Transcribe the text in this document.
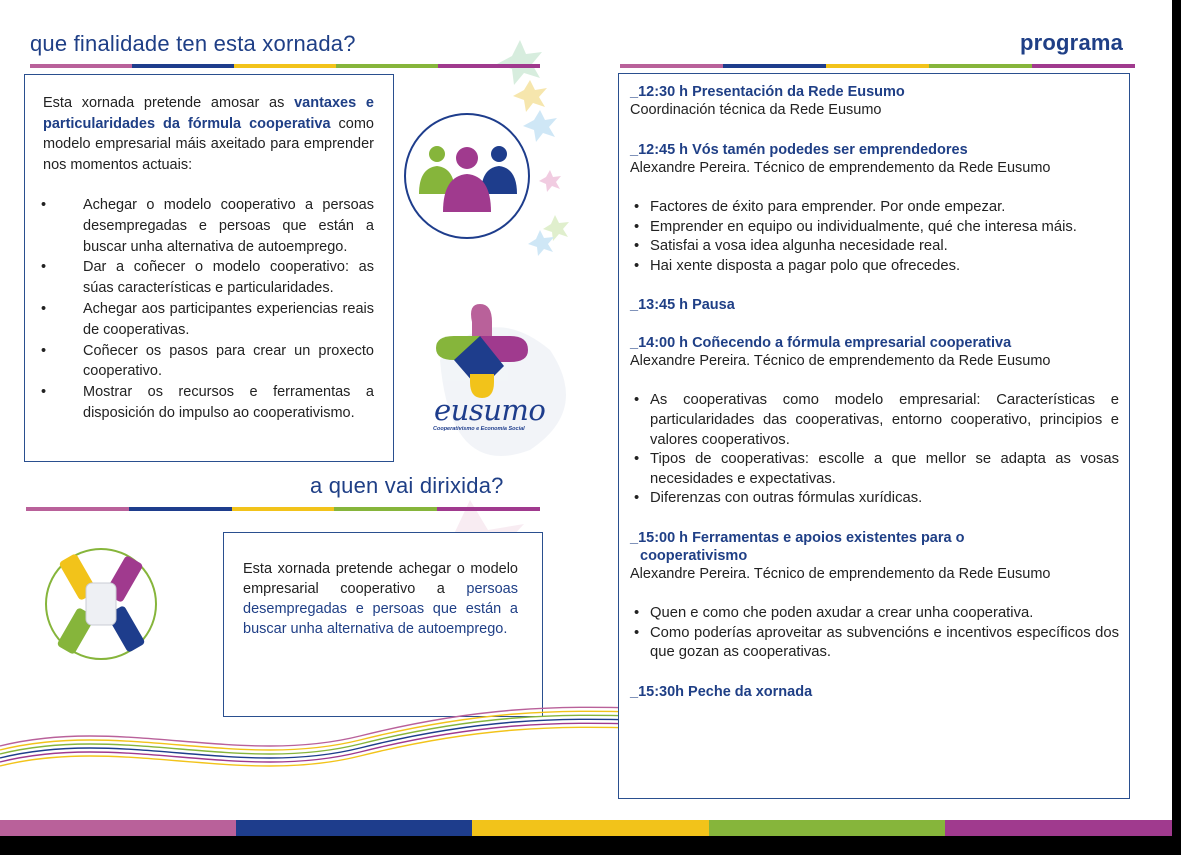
que finalidade ten esta xornada?
Esta xornada pretende amosar as vantaxes e particularidades da fórmula cooperativa como modelo empresarial máis axeitado para emprender nos momentos actuais:
• Achegar o modelo cooperativo a persoas desempregadas e persoas que están a buscar unha alternativa de autoemprego.
• Dar a coñecer o modelo cooperativo: as súas características e particularidades.
• Achegar aos participantes experiencias reais de cooperativas.
• Coñecer os pasos para crear un proxecto cooperativo.
• Mostrar os recursos e ferramentas a disposición do impulso ao cooperativismo.	eusumo
Cooperativismo e Economía Social
a quen vai dirixida?
Esta xornada pretende achegar o modelo empresarial cooperativo a persoas desempregadas e persoas que están a buscar unha alternativa de autoemprego.
programa
_12:30 h Presentación da Rede Eusumo
Coordinación técnica da Rede Eusumo
_12:45 h Vós tamén podedes ser emprendedores
Alexandre Pereira. Técnico de emprendemento da Rede Eusumo
• Factores de éxito para emprender. Por onde empezar.
• Emprender en equipo ou individualmente, qué che interesa máis.
• Satisfai a vosa idea algunha necesidade real.
• Hai xente disposta a pagar polo que ofrecedes.
_13:45 h Pausa
_14:00 h Coñecendo a fórmula empresarial cooperativa
Alexandre Pereira. Técnico de emprendemento da Rede Eusumo
• As cooperativas como modelo empresarial: Características e particularidades das cooperativas, entorno cooperativo, principios e valores cooperativos.
• Tipos de cooperativas: escolle a que mellor se adapta as vosas necesidades e expectativas.
• Diferenzas con outras fórmulas xurídicas.
_15:00 h Ferramentas e apoios existentes para o
cooperativismo
Alexandre Pereira. Técnico de emprendemento da Rede Eusumo
• Quen e como che poden axudar a crear unha cooperativa.
• Como poderías aproveitar as subvencións e incentivos específicos dos que gozan as cooperativas.
_15:30h Peche da xornada
